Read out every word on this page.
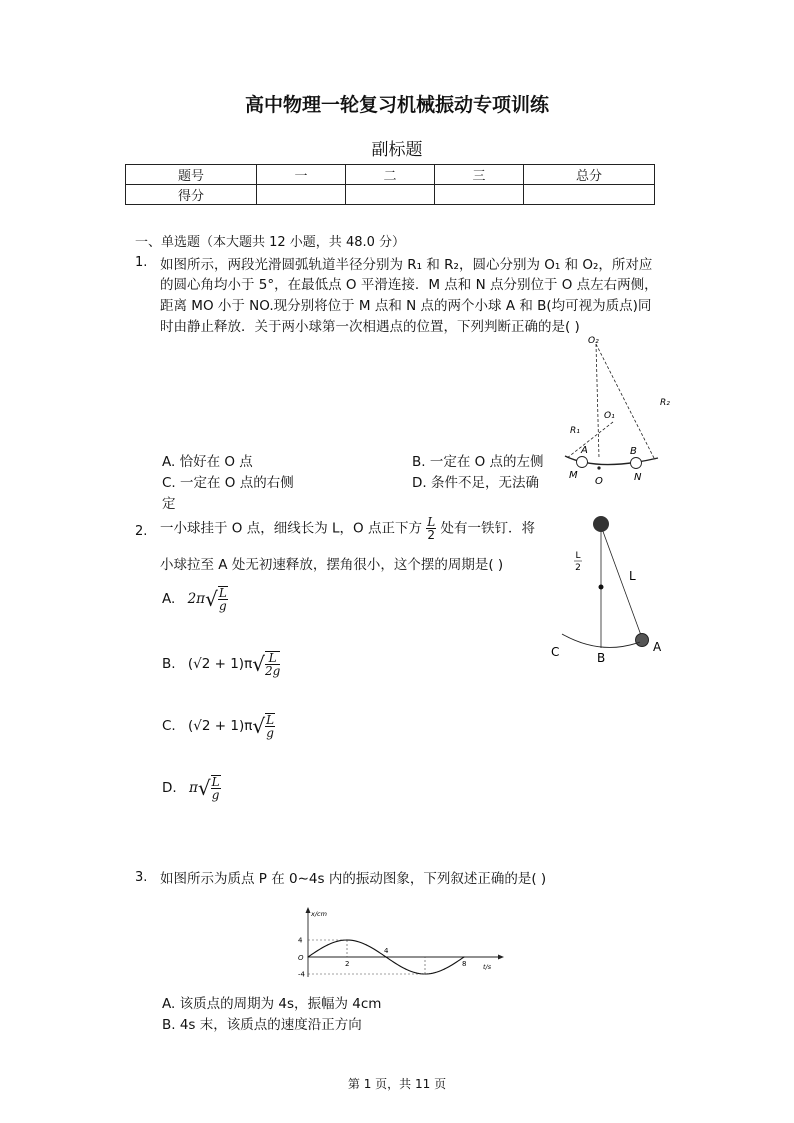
高中物理一轮复习机械振动专项训练
副标题
题号	一	二	三	总分
得分				
一、单选题（本大题共 12 小题，共 48.0 分）
1. 如图所示，两段光滑圆弧轨道半径分别为 R₁ 和 R₂，圆心分别为 O₁ 和 O₂，所对应
的圆心角均小于 5°，在最低点 O 平滑连接．M 点和 N 点分别位于 O 点左右两侧，
距离 MO 小于 NO.现分别将位于 M 点和 N 点的两个小球 A 和 B(均可视为质点)同
时由静止释放．关于两小球第一次相遇点的位置，下列判断正确的是( )
O₂
O₁
R₂
R₁
A	B
M
O	N
A. 恰好在 O 点	B. 一定在 O 点的左侧
C. 一定在 O 点的右侧
定
D. 条件不足，无法确
2. 一小球挂于 O 点，细线长为 L，O 点正下方 $\frac{L}{2}$ 处有一铁钉．将
小球拉至 A 处无初速释放，摆角很小，这个摆的周期是( )
A. $2\pi√ \frac{L}{g}$
B. $(√2 + 1)\pi√ \frac{L}{2g}$
C. $(√2 + 1)\pi√ \frac{L}{g}$
D. $\pi√ \frac{L}{g}$
L
2
L
A
B
C
3. 如图所示为质点 P 在 0∼4s 内的振动图象，下列叙述正确的是( )
x/cm
t/s
O
4
-4
2
4
8
A. 该质点的周期为 4s，振幅为 4cm
B. 4s 末，该质点的速度沿正方向
第 1 页，共 11 页
